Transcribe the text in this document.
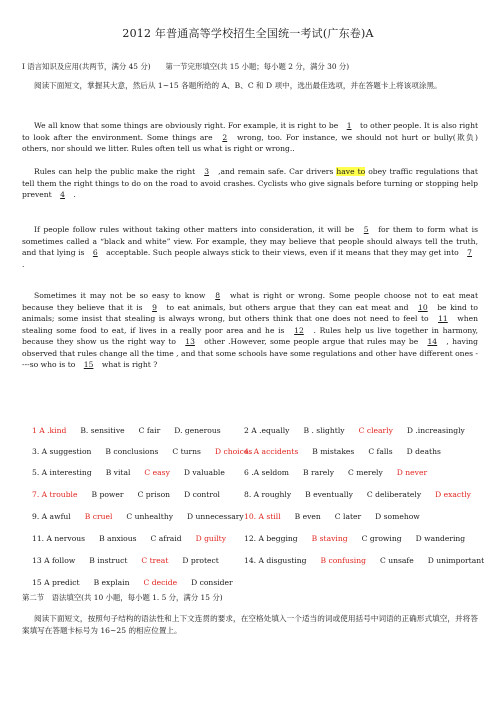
2012 年普通高等学校招生全国统一考试(广东卷)A
I 语言知识及应用(共两节，满分 45 分)　　第一节完形填空(共 15 小题；每小题 2 分，满分 30 分)
阅读下面短文，掌握其大意，然后从 1~15 各题所给的 A、B、C 和 D 项中，选出最佳选项，并在答题卡上将该项涂黑。
We all know that some things are obviously right. For example, it is right to be 1 to other people. It is also right to look after the environment. Some things are 2 wrong, too. For instance, we should not hurt or bully(欺负) others, nor should we litter. Rules often tell us what is right or wrong..
Rules can help the public make the right 3 ,and remain safe. Car drivers have to obey traffic regulations that tell them the right things to do on the road to avoid crashes. Cyclists who give signals before turning or stopping help prevent 4 .
If people follow rules without taking other matters into consideration, it will be 5 for them to form what is sometimes called a “black and white” view. For example, they may believe that people should always tell the truth, and that lying is 6 acceptable. Such people always stick to their views, even if it means that they may get into 7 .
Sometimes it may not be so easy to know 8 what is right or wrong. Some people choose not to eat meat because they believe that it is 9 to eat animals, but others argue that they can eat meat and 10 be kind to animals; some insist that stealing is always wrong, but others think that one does not need to feel to 11 when stealing some food to eat, if lives in a really poor area and he is 12 . Rules help us live together in harmony, because they show us the right way to 13 other .However, some people argue that rules may be 14 , having observed that rules change all the time , and that some schools have some regulations and other have different ones ----so who is to 15 what is right ?
1 A .kind B. sensitive C fair D. generous	2 A .equally B . slightly C clearly D .increasingly
3. A suggestion B conclusions C turns D choices
4. A accidents B mistakes C falls D deaths
5. A interesting B vital C easy D valuable	6 .A seldom B rarely C merely D never
7. A trouble B power C prison D control	8. A roughly B eventually C deliberately D exactly
9. A awful B cruel C unhealthy D unnecessary 10. A still B even C later D somehow
11. A nervous B anxious C afraid D guilty 12. A begging B staving C growing D wandering
13 A follow B instruct C treat D protect	14. A disgusting B confusing C unsafe D unimportant
15 A predict B explain C decide D consider
第二节　语法填空(共 10 小题，每小题 1. 5 分，满分 15 分)
阅读下面短文，按照句子结构的语法性和上下文连贯的要求，在空格处填入一个适当的词或使用括号中词语的正确形式填空，并将答案填写在答题卡标号为 16~25 的相应位置上。
